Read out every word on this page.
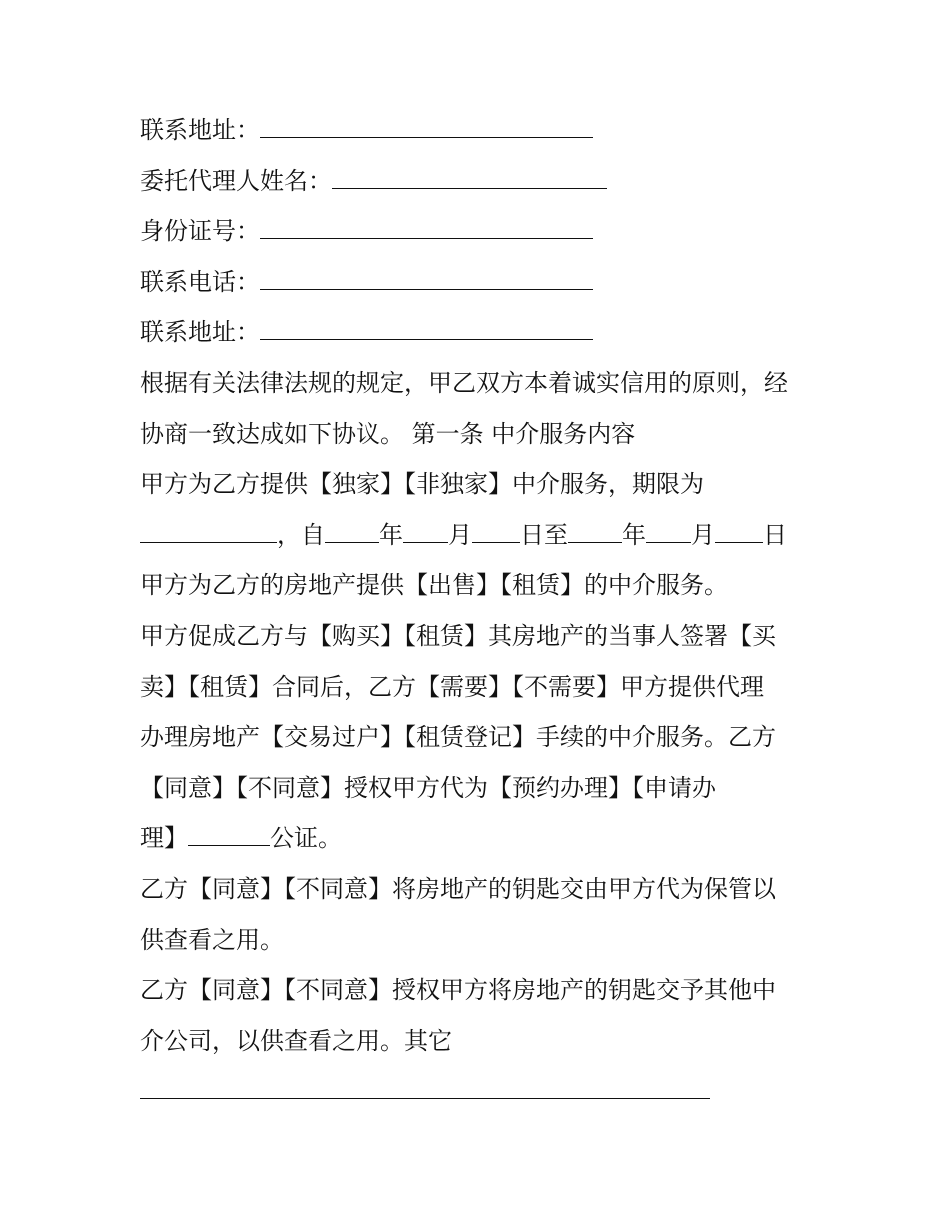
联系地址：
委托代理人姓名：
身份证号：
联系电话：
联系地址：
根据有关法律法规的规定，甲乙双方本着诚实信用的原则，经
协商一致达成如下协议。 第一条 中介服务内容
甲方为乙方提供【独家】【非独家】中介服务，期限为
，自 年 月 日至 年 月 日
甲方为乙方的房地产提供【出售】【租赁】的中介服务。
甲方促成乙方与【购买】【租赁】其房地产的当事人签署【买
卖】【租赁】合同后，乙方【需要】【不需要】甲方提供代理
办理房地产【交易过户】【租赁登记】手续的中介服务。乙方
【同意】【不同意】授权甲方代为【预约办理】【申请办
理】	公证。
乙方【同意】【不同意】将房地产的钥匙交由甲方代为保管以
供查看之用。
乙方【同意】【不同意】授权甲方将房地产的钥匙交予其他中
介公司，以供查看之用。其它
